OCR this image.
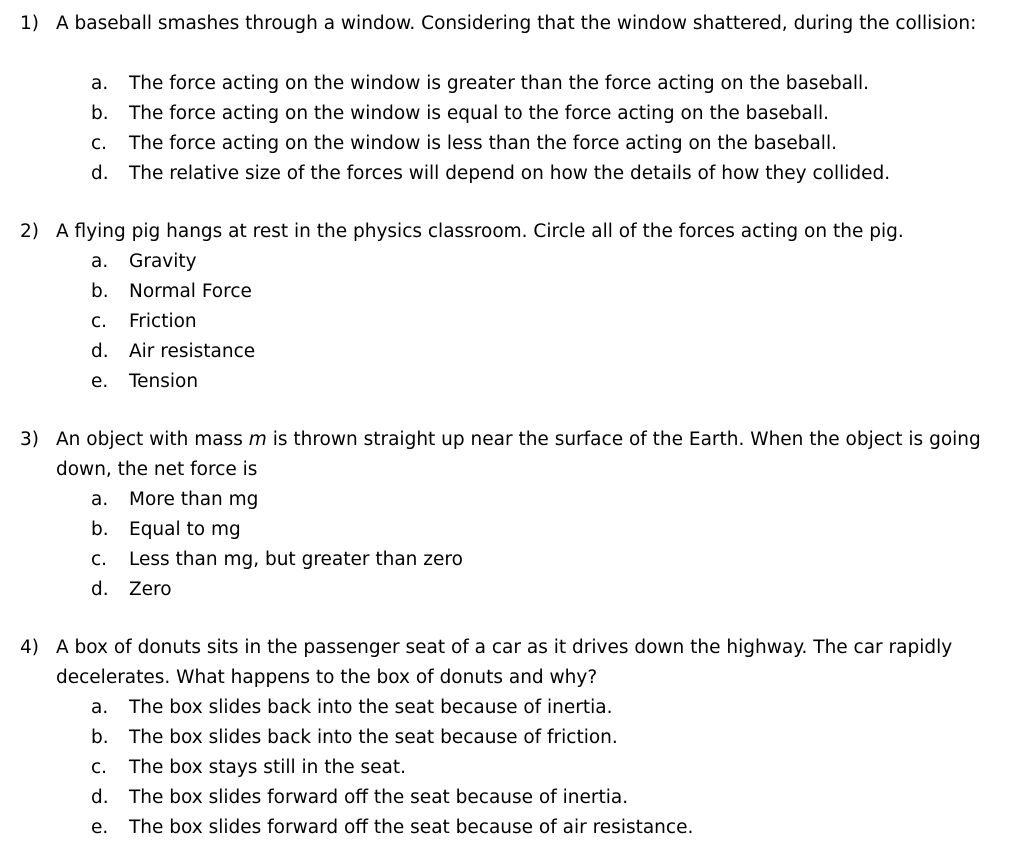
1) A baseball smashes through a window. Considering that the window shattered, during the collision:
a. The force acting on the window is greater than the force acting on the baseball.
b. The force acting on the window is equal to the force acting on the baseball.
c. The force acting on the window is less than the force acting on the baseball.
d. The relative size of the forces will depend on how the details of how they collided.
2) A flying pig hangs at rest in the physics classroom. Circle all of the forces acting on the pig.
a. Gravity
b. Normal Force
c. Friction
d. Air resistance
e. Tension
3) An object with mass m is thrown straight up near the surface of the Earth. When the object is going down, the net force is
a. More than mg
b. Equal to mg
c. Less than mg, but greater than zero
d. Zero
4) A box of donuts sits in the passenger seat of a car as it drives down the highway. The car rapidly decelerates. What happens to the box of donuts and why?
a. The box slides back into the seat because of inertia.
b. The box slides back into the seat because of friction.
c. The box stays still in the seat.
d. The box slides forward off the seat because of inertia.
e. The box slides forward off the seat because of air resistance.
